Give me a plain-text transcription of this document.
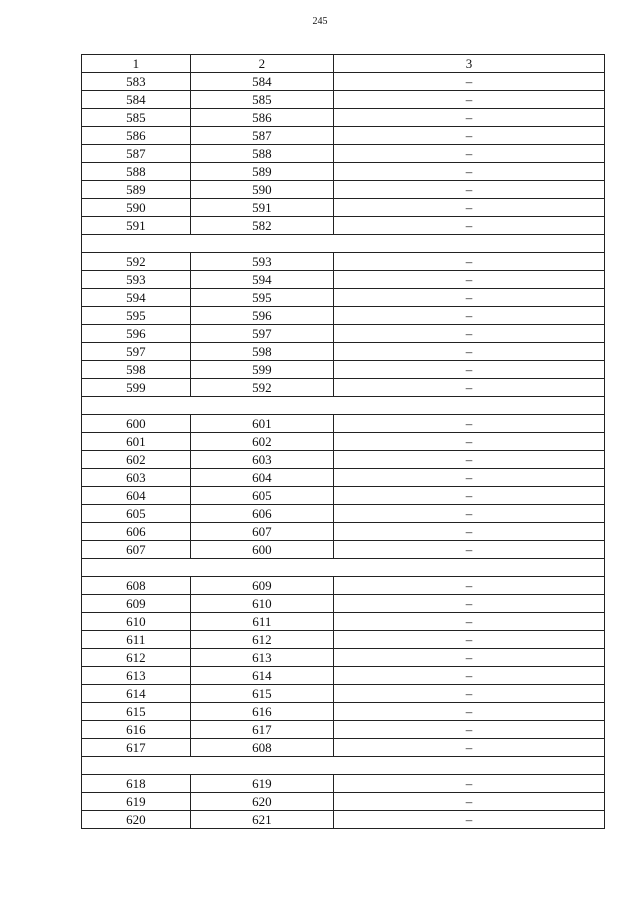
245
1	2	3
583	584	–
584	585	–
585	586	–
586	587	–
587	588	–
588	589	–
589	590	–
590	591	–
591	582	–

592	593	–
593	594	–
594	595	–
595	596	–
596	597	–
597	598	–
598	599	–
599	592	–

600	601	–
601	602	–
602	603	–
603	604	–
604	605	–
605	606	–
606	607	–
607	600	–

608	609	–
609	610	–
610	611	–
611	612	–
612	613	–
613	614	–
614	615	–
615	616	–
616	617	–
617	608	–

618	619	–
619	620	–
620	621	–
